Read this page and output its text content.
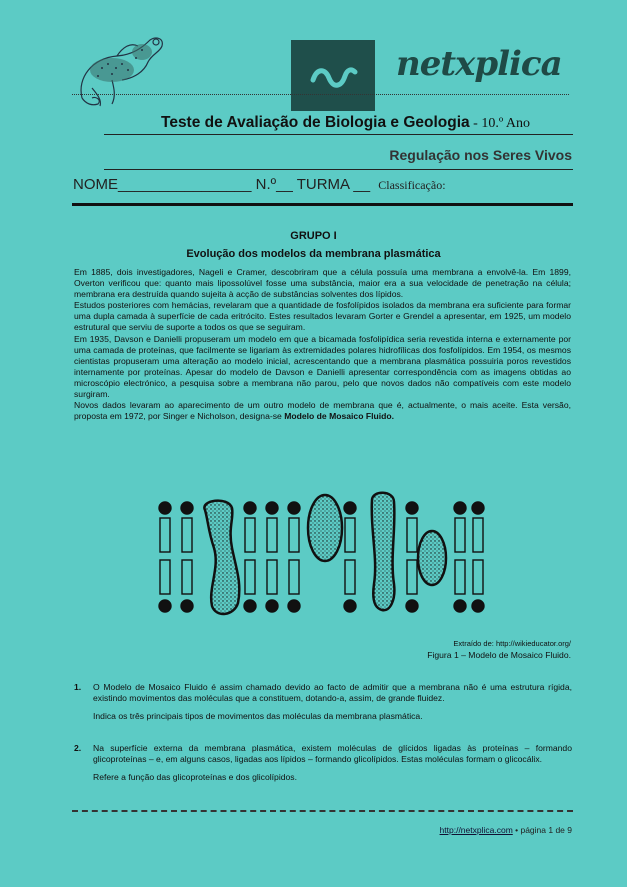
netxplica
Teste de Avaliação de Biologia e Geologia - 10.º Ano
Regulação nos Seres Vivos
NOME________________ N.º__ TURMA __ Classificação:
GRUPO I
Evolução dos modelos da membrana plasmática

Em 1885, dois investigadores, Nageli e Cramer, descobriram que a célula possuía uma membrana a envolvê-la. Em 1899, Overton verificou que: quanto mais lipossolúvel fosse uma substância, maior era a sua velocidade de penetração na célula; membrana era destruída quando sujeita à acção de substâncias solventes dos lípidos.

Estudos posteriores com hemácias, revelaram que a quantidade de fosfolípidos isolados da membrana era suficiente para formar uma dupla camada à superfície de cada eritrócito. Estes resultados levaram Gorter e Grendel a apresentar, em 1925, um modelo estrutural que serviu de suporte a todos os que se seguiram.

Em 1935, Davson e Danielli propuseram um modelo em que a bicamada fosfolipídica seria revestida interna e externamente por uma camada de proteínas, que facilmente se ligariam às extremidades polares hidrofílicas dos fosfolípidos. Em 1954, os mesmos cientistas propuseram uma alteração ao modelo inicial, acrescentando que a membrana plasmática possuiria poros revestidos internamente por proteínas. Apesar do modelo de Davson e Danielli apresentar correspondência com as imagens obtidas ao microscópio electrónico, a pesquisa sobre a membrana não parou, pelo que novos dados não compatíveis com este modelo surgiram.

Novos dados levaram ao aparecimento de um outro modelo de membrana que é, actualmente, o mais aceite. Esta versão, proposta em 1972, por Singer e Nicholson, designa-se Modelo de Mosaico Fluido.

Extraído de: http://wikieducator.org/
Figura 1 – Modelo de Mosaico Fluido.
1. O Modelo de Mosaico Fluido é assim chamado devido ao facto de admitir que a membrana não é uma estrutura rígida, existindo movimentos das moléculas que a constituem, dotando-a, assim, de grande fluidez.

Indica os três principais tipos de movimentos das moléculas da membrana plasmática.

2. Na superfície externa da membrana plasmática, existem moléculas de glícidos ligadas às proteínas – formando glicoproteínas – e, em alguns casos, ligadas aos lípidos – formando glicolípidos. Estas moléculas formam o glicocálix.

Refere a função das glicoproteínas e dos glicolípidos.

http://netxplica.com • página 1 de 9
